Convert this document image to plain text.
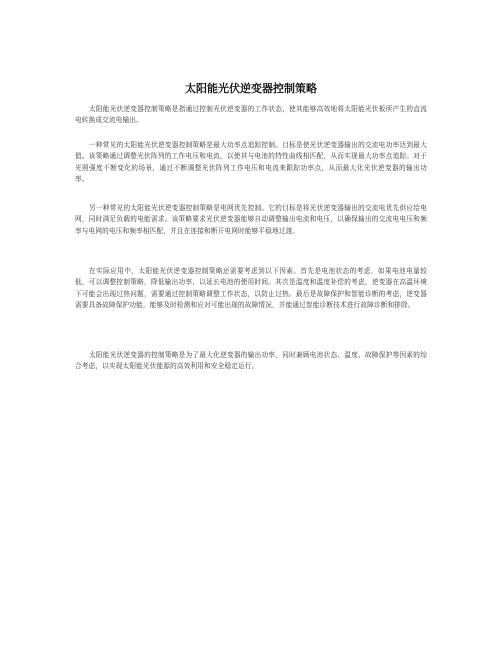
太阳能光伏逆变器控制策略

太阳能光伏逆变器控制策略是指通过控制光伏逆变器的工作状态，使其能够高效地将太阳能光伏板所产生的直流电转换成交流电输出。

一种常见的太阳能光伏逆变器控制策略是最大功率点追踪控制。目标是使光伏逆变器输出的交流电功率达到最大值。该策略通过调整光伏阵列的工作电压和电流，以使其与电池的特性曲线相匹配，从而实现最大功率点追踪。对于光照强度不断变化的场景，通过不断调整光伏阵列工作电压和电流来跟踪功率点，从而最大化光伏逆变器的输出功率。

另一种常见的太阳能光伏逆变器控制策略是电网优先控制。它的目标是将光伏逆变器输出的交流电优先供应给电网，同时满足负载的电能需求。该策略要求光伏逆变器能够自动调整输出电流和电压，以确保输出的交流电电压和频率与电网的电压和频率相匹配，并且在连接和断开电网时能够平稳地过渡。

在实际应用中，太阳能光伏逆变器控制策略还需要考虑到以下因素。首先是电池状态的考虑，如果电池电量较低，可以调整控制策略，降低输出功率，以延长电池的使用时间。其次是温度和温度补偿的考虑，逆变器在高温环境下可能会出现过热问题，需要通过控制策略调整工作状态，以防止过热。最后是故障保护和智能诊断的考虑，逆变器需要具备故障保护功能，能够及时检测和应对可能出现的故障情况，并能通过智能诊断技术进行故障诊断和排除。

太阳能光伏逆变器的控制策略是为了最大化逆变器的输出功率，同时兼顾电池状态、温度、故障保护等因素的综合考虑，以实现太阳能光伏能源的高效利用和安全稳定运行。
